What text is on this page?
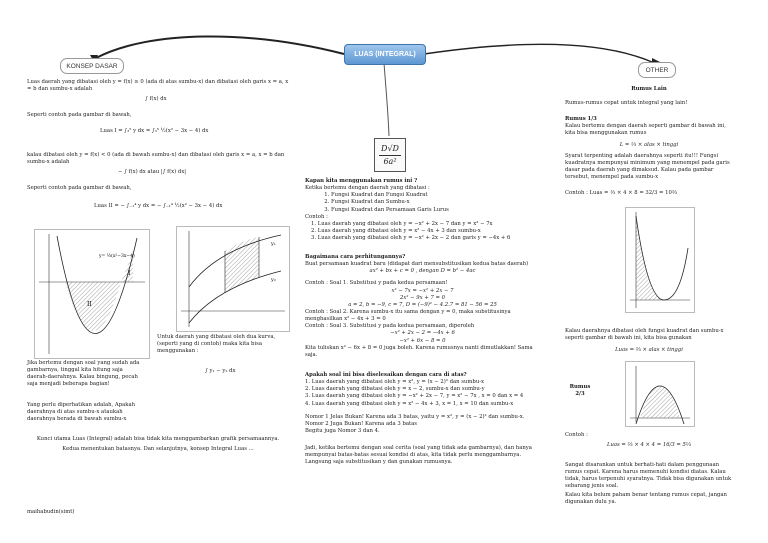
LUAS (INTEGRAL)
KONSEP DASAR
OTHER
D√D
6a²
Luas daerah yang dibatasi oleh y = f(x) ≥ 0 (ada di atas sumbu-x) dan dibatasi oleh garis x = a, x = b dan sumbu-x adalah
∫ f(x) dx
Seperti contoh pada gambar di bawah,
Luas I = ∫₃⁵ y dx = ∫₃⁵ ½(x² − 3x − 4) dx
kalau dibatasi oleh y = f(x) < 0 (ada di bawah sumbu-x) dan dibatasi oleh garis x = a, x = b dan sumbu-x adalah
− ∫ f(x) dx atau |∫ f(x) dx|
Seperti contoh pada gambar di bawah,
Luas II = − ∫₋₁⁴ y dx = − ∫₋₁⁴ ½(x² − 3x − 4) dx
y= ½(x²−3x−4)
I
II
y₁
y₂
Untuk daerah yang dibatasi oleh dua kurva, (seperti yang di contoh) maka kita bisa menggunakan :
∫ y₁ − y₂ dx
Jika bertemu dengan soal yang sudah ada gambarnya, tinggal kita hitung saja daerah-daerahnya. Kalau bingung, pecah saja menjadi beberapa bagian!
Yang perlu diperhatikan adalah, Apakah daerahnya di atas sumbu-x ataukah daerahnya berada di bawah sumbu-x
Kunci utama Luas (Integral) adalah bisa tidak kita menggambarkan grafik persamaannya.
Kedua menentukan batasnya. Dan selanjutnya, konsep Integral Luas ...
maihabudin(simt)
Kapan kita menggunakan rumus ini ?
Ketika bertemu dengan daerah yang dibatasi :
1. Fungsi Kuadrat dan Fungsi Kuadrat
2. Fungsi Kuadrat dan Sumbu-x
3. Fungsi Kuadrat dan Persamaan Garis Lurus
Contoh :

1. Luas daerah yang dibatasi oleh y = −x² + 2x − 7 dan y = x³ − 7x
2. Luas daerah yang dibatasi oleh y = x² − 4x + 3 dan sumbu-x
3. Luas daerah yang dibatasi oleh y = −x² + 2x − 2 dan garis y = −4x + 6
Bagaimana cara perhitungannya?
Buat persamaan kuadrat baru (didapat dari mensubstitusikan kedua batas daerah)
ax² + bx + c = 0 , dengan D = b² − 4ac
Contoh : Soal 1. Substitusi y pada kedua persamaan!
x² − 7x = −x² + 2x − 7
2x² − 9x + 7 = 0
a = 2, b = −9, c = 7, D = (−9)² − 4.2.7 = 81 − 56 = 25
Contoh : Soal 2. Karena sumbu-x itu sama dengan y = 0, maka substitusinya menghasilkan x² − 4x + 3 = 0
Contoh : Soal 3. Substitusi y pada kedua persamaan, diperoleh
−x² + 2x − 2 = −4x + 6
−x² + 6x − 8 = 0
Kita tuliskan x² − 6x + 8 = 0 juga boleh. Karena rumusnya nanti dimutlakkan! Sama saja.
Apakah soal ini bisa diselesaikan dengan cara di atas?
1. Luas daerah yang dibatasi oleh y = x², y = (x − 2)² dan sumbu-x
2. Luas daerah yang dibatasi oleh y = x − 2, sumbu-x dan sumbu-y
3. Luas daerah yang dibatasi oleh y = −x² + 2x − 7, y = x² − 7x , x = 0 dan x = 4
4. Luas daerah yang dibatasi oleh y = x² − 4x + 3, x = 1, x = 10 dan sumbu-x
Nomor 1 Jelas Bukan! Karena ada 3 batas, yaitu y = x², y = (x − 2)² dan sumbu-x.
Nomor 2 Juga Bukan! Karena ada 3 batas
Begitu juga Nomor 3 dan 4.
Jadi, ketika bertemu dengan soal cerita (soal yang tidak ada gambarnya), dan hanya mempunyai batas-batas sesuai kondisi di atas, kita tidak perlu menggambarnya. Langsung saja substitusikan y dan gunakan rumusnya.
Rumus Lain
Rumus-rumus cepat untuk integral yang lain!
Rumus 1/3
Kalau bertemu dengan daerah seperti gambar di bawah ini, kita bisa menggunakan rumus
L = ⅓ × alas × tinggi
Syarat terpenting adalah daerahnya seperti itu!!! Fungsi kuadratnya mempunyai minimum yang menempel pada garis dasar pada daerah yang dimaksud. Kalau pada gambar tersebut, menempel pada sumbu-x
Contoh : Luas = ⅓ × 4 × 8 = 32/3 = 10⅔
Kalau daerahnya dibatasi oleh fungsi kuadrat dan sumbu-x seperti gambar di bawah ini, kita bisa gunakan
Luas = ⅔ × alas × tinggi
Rumus 2/3
Contoh :
Luas = ⅔ × 4 × 4 = 16/3 = 5⅓
Sangat disarankan untuk berhati-hati dalam penggunaan rumus cepat. Karena harus memenuhi kondisi diatas. Kalau tidak, harus terpenuhi syaratnya. Tidak bisa digunakan untuk sebarang jenis soal.
Kalau kita belum paham benar tentang rumus cepat, jangan digunakan dulu ya.
